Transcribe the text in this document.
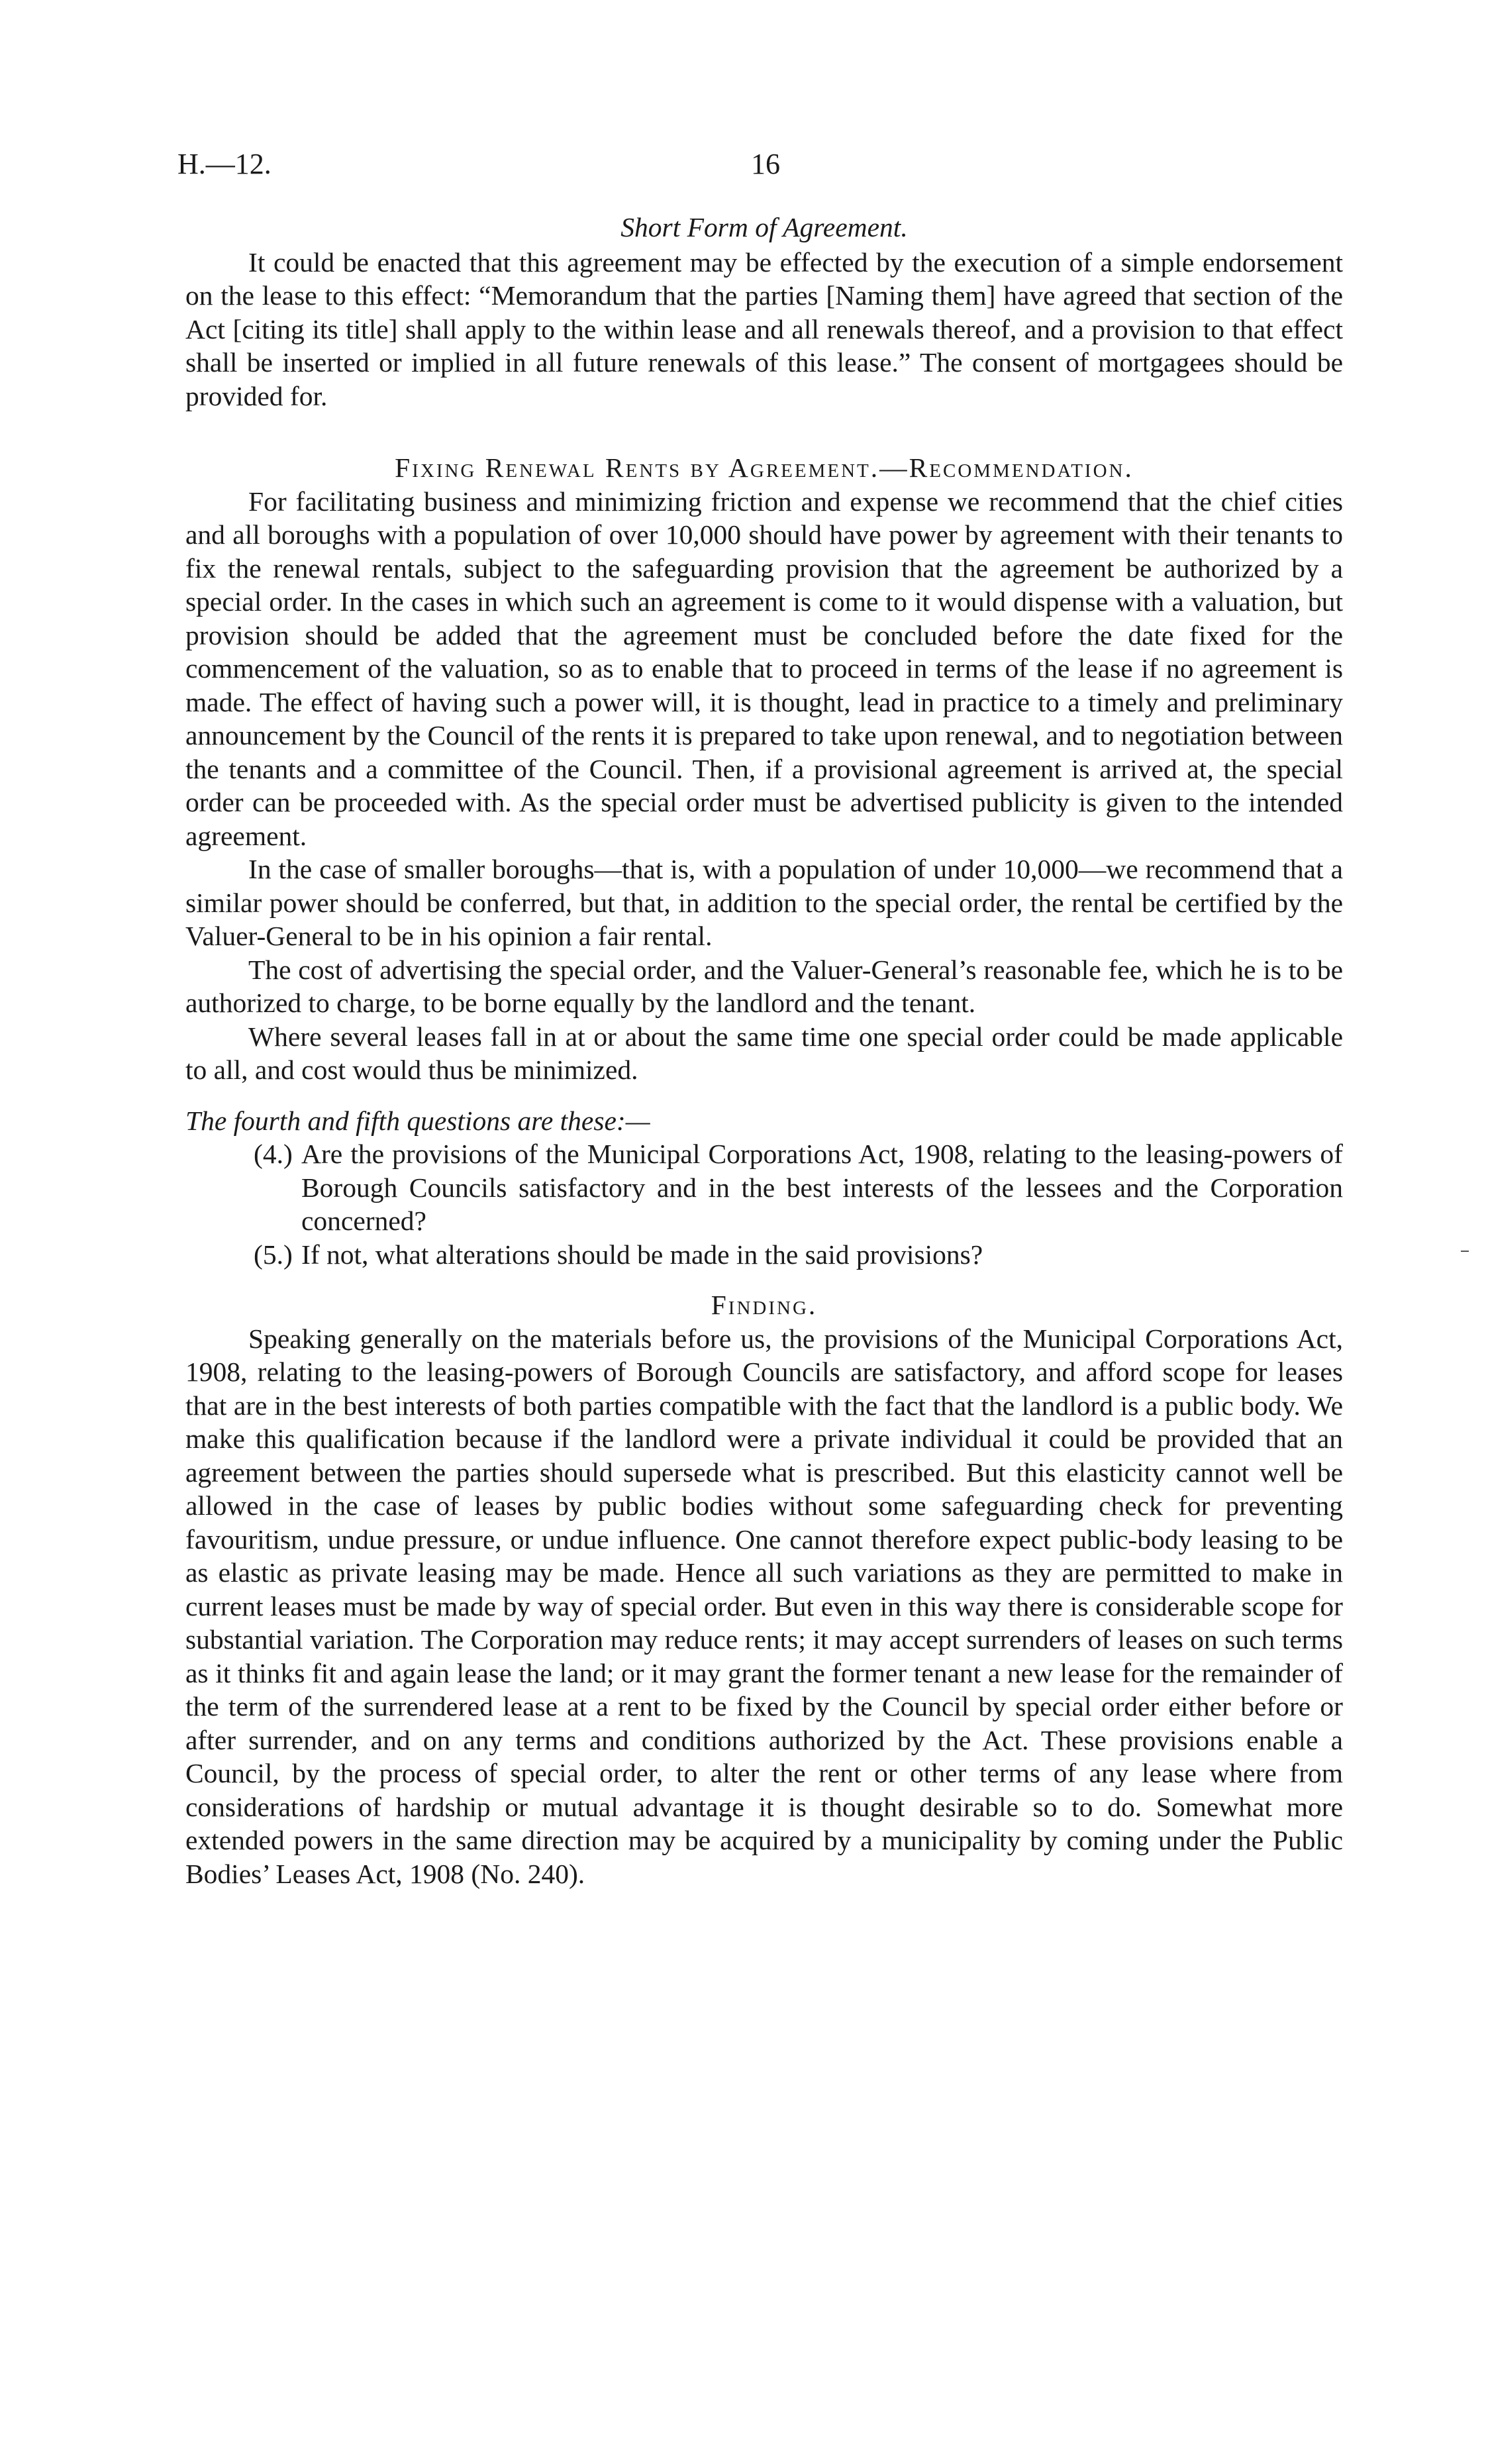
H.—12.	16
Short Form of Agreement.

It could be enacted that this agreement may be effected by the execution of a simple endorsement on the lease to this effect: “Memorandum that the parties [Naming them] have agreed that section of the Act [citing its title] shall apply to the within lease and all renewals thereof, and a provision to that effect shall be inserted or implied in all future renewals of this lease.” The consent of mortgagees should be provided for.

Fixing Renewal Rents by Agreement.—Recommendation.

For facilitating business and minimizing friction and expense we recommend that the chief cities and all boroughs with a population of over 10,000 should have power by agreement with their tenants to fix the renewal rentals, subject to the safeguarding provision that the agreement be authorized by a special order. In the cases in which such an agreement is come to it would dispense with a valuation, but provision should be added that the agreement must be concluded before the date fixed for the commencement of the valuation, so as to enable that to proceed in terms of the lease if no agreement is made. The effect of having such a power will, it is thought, lead in practice to a timely and preliminary announcement by the Council of the rents it is prepared to take upon renewal, and to negotiation between the tenants and a committee of the Council. Then, if a provisional agreement is arrived at, the special order can be proceeded with. As the special order must be advertised publicity is given to the intended agreement.

In the case of smaller boroughs—that is, with a population of under 10,000—we recommend that a similar power should be conferred, but that, in addition to the special order, the rental be certified by the Valuer-General to be in his opinion a fair rental.

The cost of advertising the special order, and the Valuer-General’s reasonable fee, which he is to be authorized to charge, to be borne equally by the landlord and the tenant.

Where several leases fall in at or about the same time one special order could be made applicable to all, and cost would thus be minimized.

The fourth and fifth questions are these:—

(4.) Are the provisions of the Municipal Corporations Act, 1908, relating to the leasing-powers of Borough Councils satisfactory and in the best interests of the lessees and the Corporation concerned?

(5.) If not, what alterations should be made in the said provisions?

Finding.

Speaking generally on the materials before us, the provisions of the Municipal Corporations Act, 1908, relating to the leasing-powers of Borough Councils are satisfactory, and afford scope for leases that are in the best interests of both parties compatible with the fact that the landlord is a public body. We make this qualification because if the landlord were a private individual it could be provided that an agreement between the parties should supersede what is prescribed. But this elasticity cannot well be allowed in the case of leases by public bodies without some safeguarding check for preventing favouritism, undue pressure, or undue influence. One cannot therefore expect public-body leasing to be as elastic as private leasing may be made. Hence all such variations as they are permitted to make in current leases must be made by way of special order. But even in this way there is considerable scope for substantial variation. The Corporation may reduce rents; it may accept surrenders of leases on such terms as it thinks fit and again lease the land; or it may grant the former tenant a new lease for the remainder of the term of the surrendered lease at a rent to be fixed by the Council by special order either before or after surrender, and on any terms and conditions authorized by the Act. These provisions enable a Council, by the process of special order, to alter the rent or other terms of any lease where from considerations of hardship or mutual advantage it is thought desirable so to do. Somewhat more extended powers in the same direction may be acquired by a municipality by coming under the Public Bodies’ Leases Act, 1908 (No. 240).
